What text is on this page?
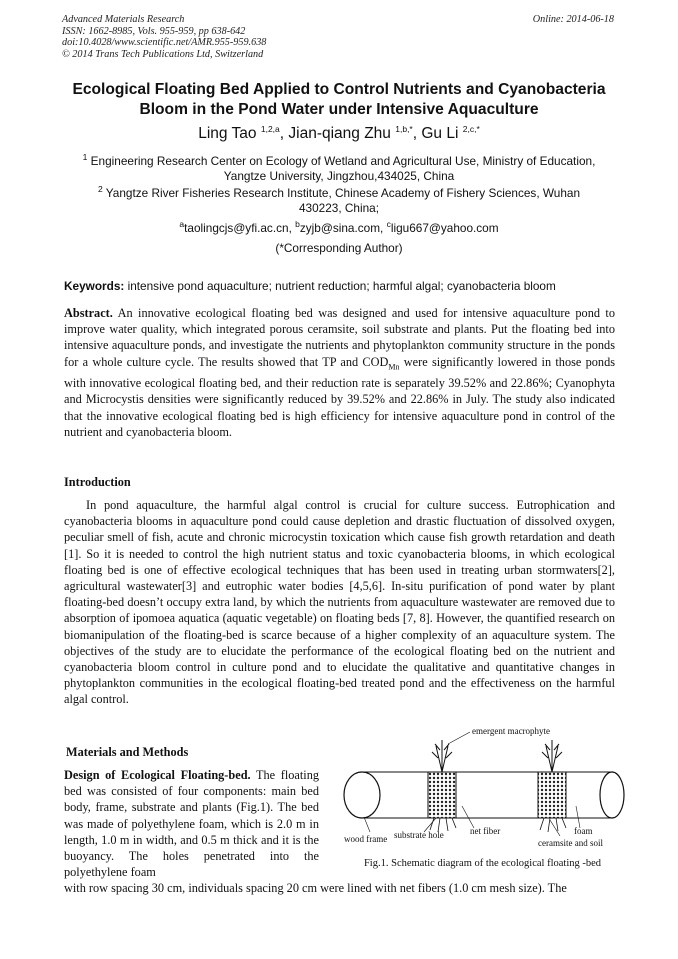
Advanced Materials Research
ISSN: 1662-8985, Vols. 955-959, pp 638-642
doi:10.4028/www.scientific.net/AMR.955-959.638
© 2014 Trans Tech Publications Ltd, Switzerland
Online: 2014-06-18
Ecological Floating Bed Applied to Control Nutrients and Cyanobacteria
Bloom in the Pond Water under Intensive Aquaculture
Ling Tao $^{1,2,a}$, Jian-qiang Zhu $^{1,b,*}$, Gu Li $^{2,c,*}$
$^1$ Engineering Research Center on Ecology of Wetland and Agricultural Use, Ministry of Education,
Yangtze University, Jingzhou,434025, China
$^2$ Yangtze River Fisheries Research Institute, Chinese Academy of Fishery Sciences, Wuhan
430223, China;
$^a$taolingcjs@yfi.ac.cn, $^b$zyjb@sina.com, $^c$ligu667@yahoo.com
(*Corresponding Author)
Keywords: intensive pond aquaculture; nutrient reduction; harmful algal; cyanobacteria bloom
Abstract. An innovative ecological floating bed was designed and used for intensive aquaculture pond to improve water quality, which integrated porous ceramsite, soil substrate and plants. Put the floating bed into intensive aquaculture ponds, and investigate the nutrients and phytoplankton community structure in the ponds for a whole culture cycle. The results showed that TP and $COD_{Mn}$ were significantly lowered in those ponds with innovative ecological floating bed, and their reduction rate is separately 39.52% and 22.86%; Cyanophyta and Microcystis densities were significantly reduced by 39.52% and 22.86% in July. The study also indicated that the innovative ecological floating bed is high efficiency for intensive aquaculture pond in control of the nutrient and cyanobacteria bloom.
Introduction
In pond aquaculture, the harmful algal control is crucial for culture success. Eutrophication and cyanobacteria blooms in aquaculture pond could cause depletion and drastic fluctuation of dissolved oxygen, peculiar smell of fish, acute and chronic microcystin toxication which cause fish growth retardation and death [1]. So it is needed to control the high nutrient status and toxic cyanobacteria blooms, in which ecological floating bed is one of effective ecological techniques that has been used in treating urban stormwaters[2], agricultural wastewater[3] and eutrophic water bodies [4,5,6]. In-situ purification of pond water by plant floating-bed doesn’t occupy extra land, by which the nutrients from aquaculture wastewater are removed due to absorption of ipomoea aquatica (aquatic vegetable) on floating beds [7, 8]. However, the quantified research on biomanipulation of the floating-bed is scarce because of a higher complexity of an aquaculture system. The objectives of the study are to elucidate the performance of the ecological floating bed on the nutrient and cyanobacteria bloom control in culture pond and to elucidate the qualitative and quantitative changes in phytoplankton communities in the ecological floating-bed treated pond and the effectiveness on the harmful algal control.
Materials and Methods
Design of Ecological Floating-bed. The floating bed was consisted of four components: main bed body, frame, substrate and plants (Fig.1). The bed was made of polyethylene foam, which is 2.0 m in length, 1.0 m in width, and 0.5 m thick and it is the buoyancy. The holes penetrated into the polyethylene foam
with row spacing 30 cm, individuals spacing 20 cm were lined with net fibers (1.0 cm mesh size). The
emergent macrophyte
wood frame substrate hole	net fiber	foam
ceramsite and soil
Fig.1. Schematic diagram of the ecological floating -bed
